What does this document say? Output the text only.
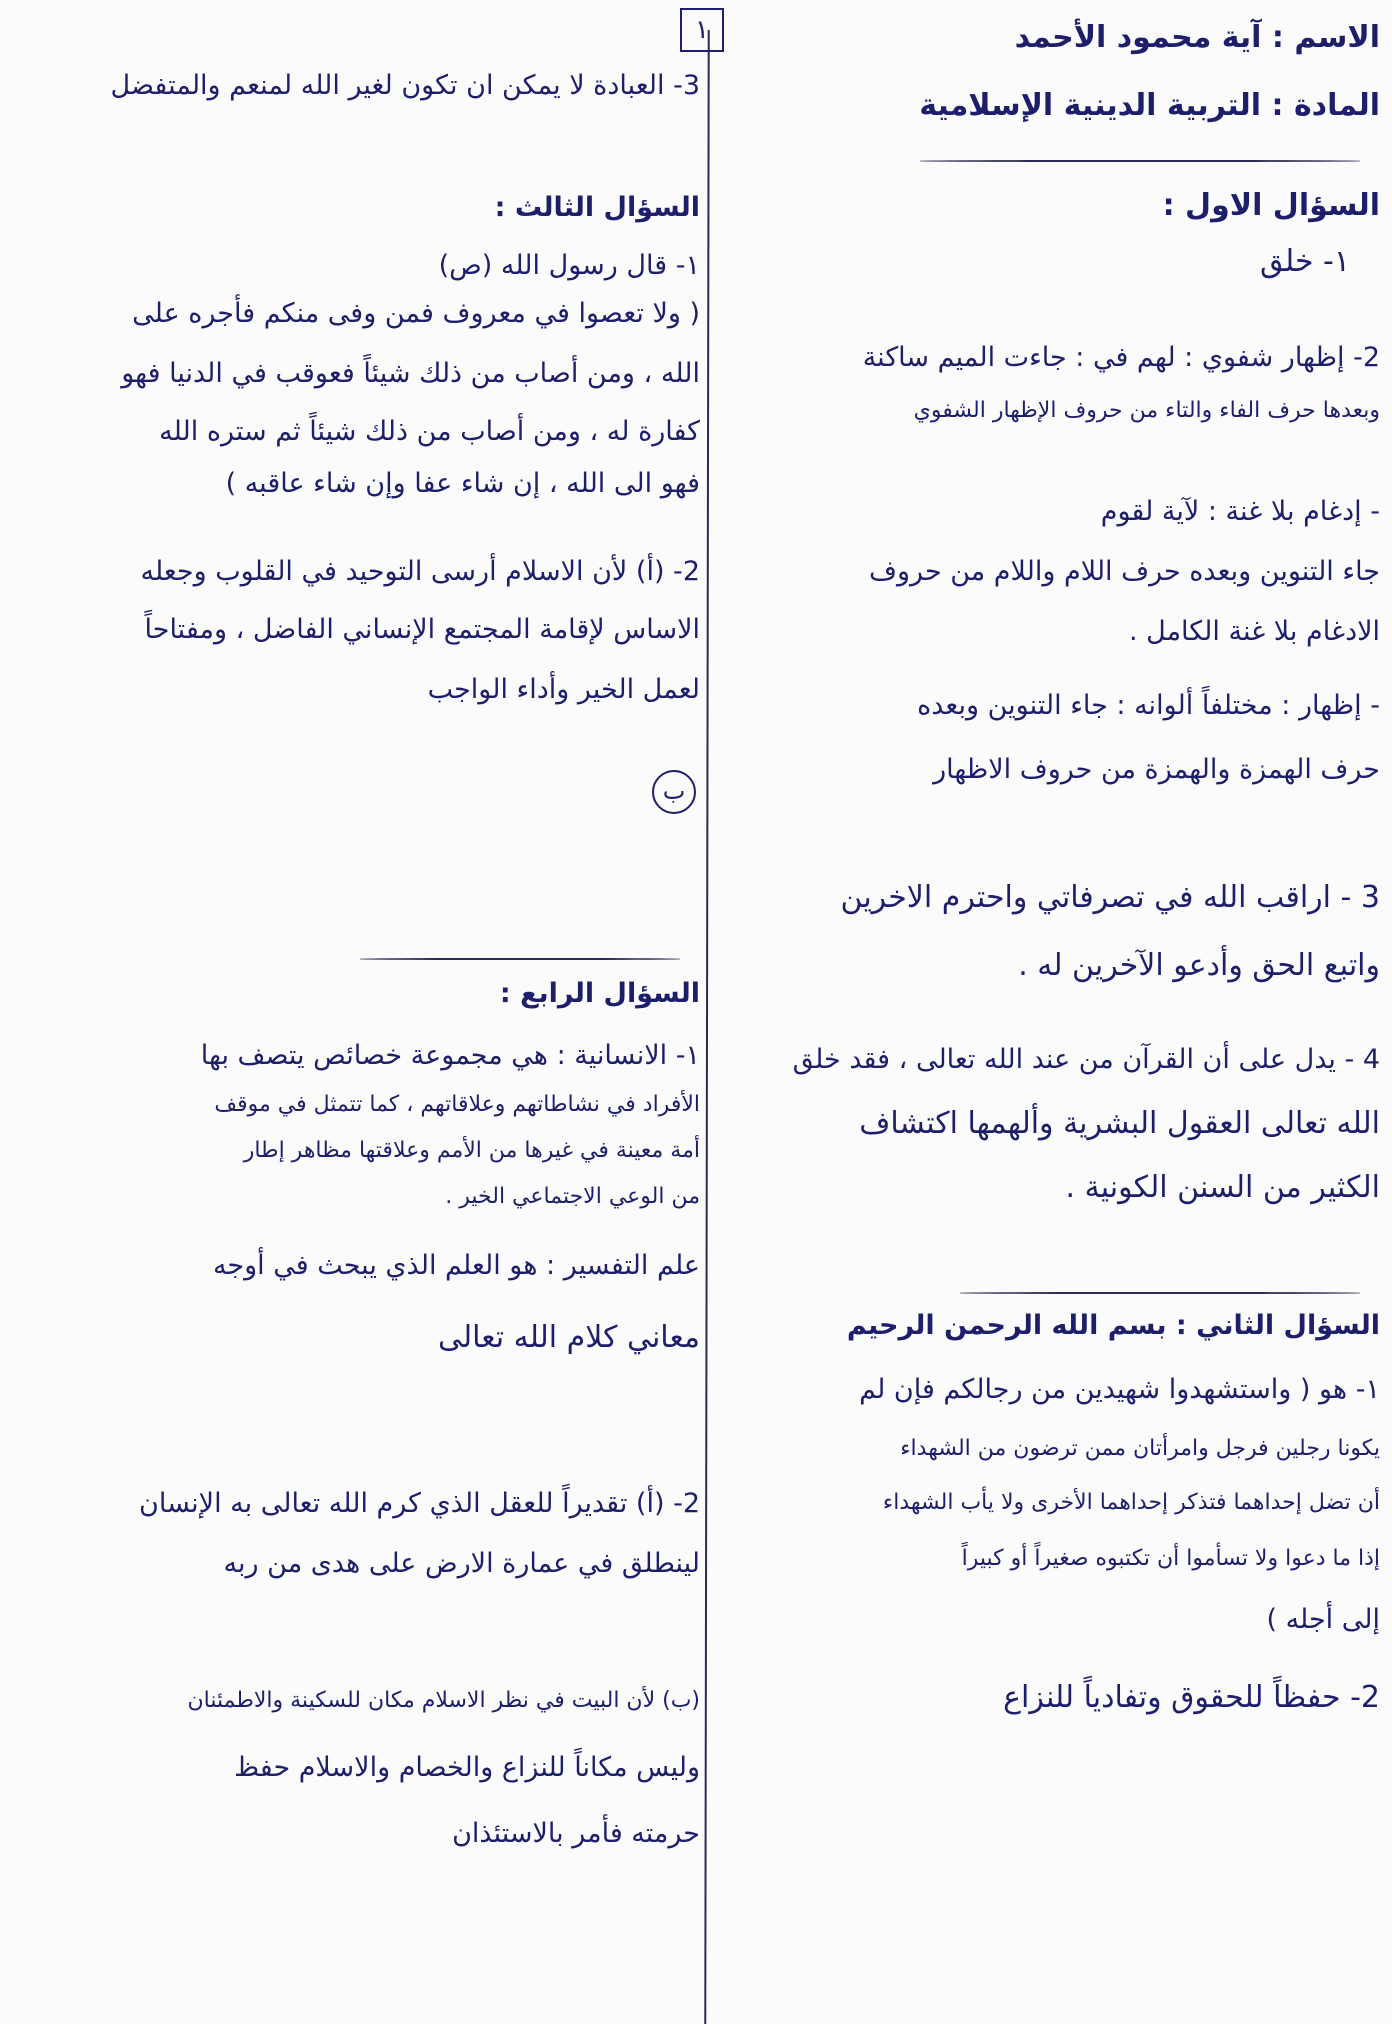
١	الاسم : آية محمود الأحمد
المادة : التربية الدينية الإسلامية
السؤال الاول :
١- خلق
2- إظهار شفوي : لهم في : جاءت الميم ساكنة
وبعدها حرف الفاء والتاء من حروف الإظهار الشفوي
- إدغام بلا غنة : لآية لقوم
جاء التنوين وبعده حرف اللام واللام من حروف
الادغام بلا غنة الكامل .
- إظهار : مختلفاً ألوانه : جاء التنوين وبعده
حرف الهمزة والهمزة من حروف الاظهار
3 - اراقب الله في تصرفاتي واحترم الاخرين
واتبع الحق وأدعو الآخرين له .
4 - يدل على أن القرآن من عند الله تعالى ، فقد خلق
الله تعالى العقول البشرية وألهمها اكتشاف
الكثير من السنن الكونية .
السؤال الثاني : بسم الله الرحمن الرحيم
١- هو ( واستشهدوا شهيدين من رجالكم فإن لم
يكونا رجلين فرجل وامرأتان ممن ترضون من الشهداء
أن تضل إحداهما فتذكر إحداهما الأخرى ولا يأب الشهداء
إذا ما دعوا ولا تسأموا أن تكتبوه صغيراً أو كبيراً
إلى أجله )
2- حفظاً للحقوق وتفادياً للنزاع
3- العبادة لا يمكن ان تكون لغير الله لمنعم والمتفضل
السؤال الثالث :
١- قال رسول الله (ص)
( ولا تعصوا في معروف فمن وفى منكم فأجره على
الله ، ومن أصاب من ذلك شيئاً فعوقب في الدنيا فهو
كفارة له ، ومن أصاب من ذلك شيئاً ثم ستره الله
فهو الى الله ، إن شاء عفا وإن شاء عاقبه )
2- (أ) لأن الاسلام أرسى التوحيد في القلوب وجعله
الاساس لإقامة المجتمع الإنساني الفاضل ، ومفتاحاً
لعمل الخير وأداء الواجب
ب
السؤال الرابع :
١- الانسانية : هي مجموعة خصائص يتصف بها
الأفراد في نشاطاتهم وعلاقاتهم ، كما تتمثل في موقف
أمة معينة في غيرها من الأمم وعلاقتها مظاهر إطار
من الوعي الاجتماعي الخير .
علم التفسير : هو العلم الذي يبحث في أوجه
معاني كلام الله تعالى
2- (أ) تقديراً للعقل الذي كرم الله تعالى به الإنسان
لينطلق في عمارة الارض على هدى من ربه
(ب) لأن البيت في نظر الاسلام مكان للسكينة والاطمئنان
وليس مكاناً للنزاع والخصام والاسلام حفظ
حرمته فأمر بالاستئذان
